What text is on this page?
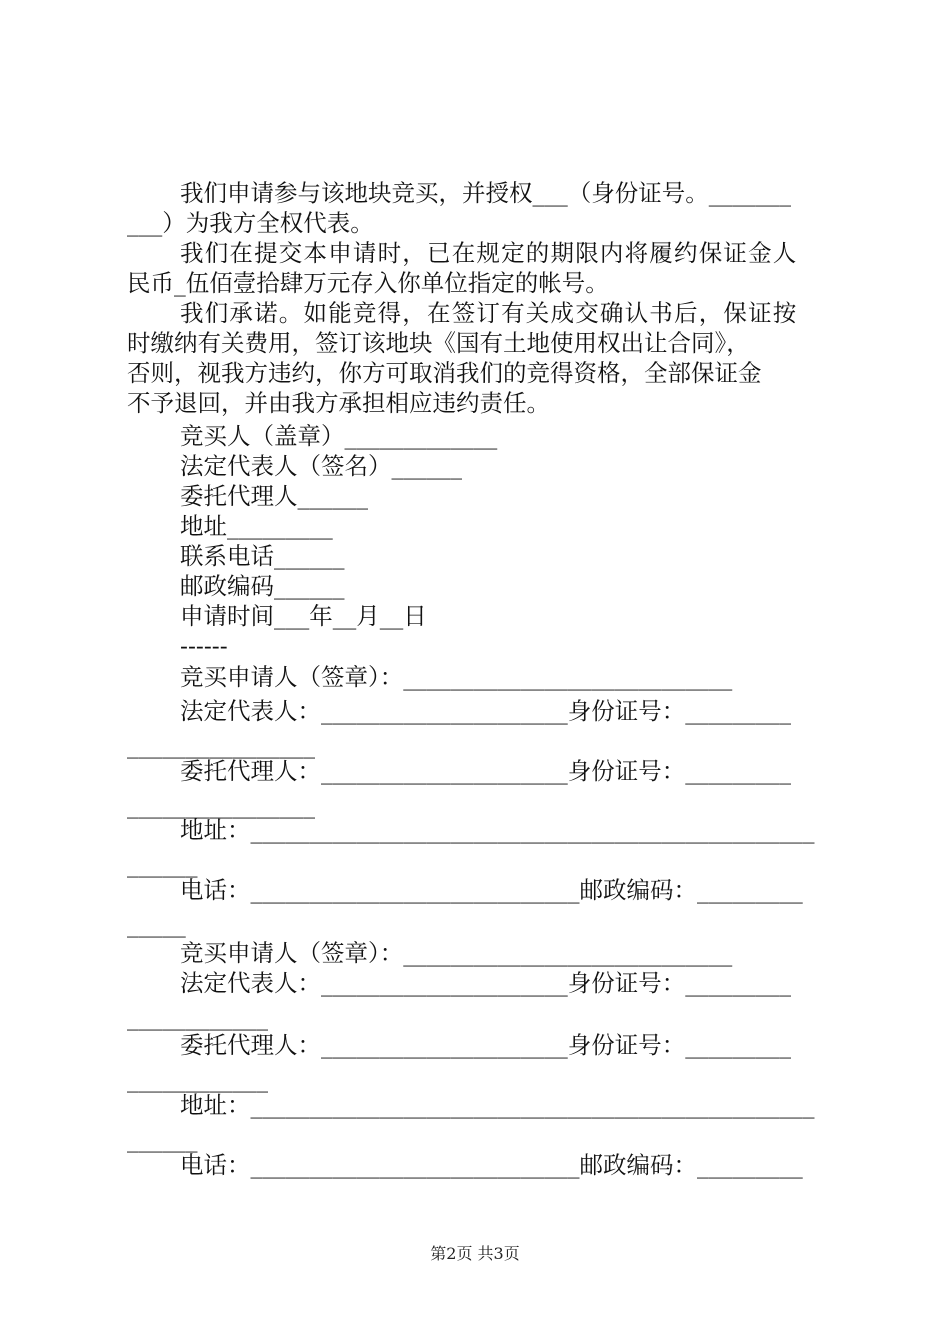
我们申请参与该地块竞买，并授权___（身份证号。_______
___）为我方全权代表。
我们在提交本申请时，已在规定的期限内将履约保证金人
民币_伍佰壹拾肆万元存入你单位指定的帐号。
我们承诺。如能竞得，在签订有关成交确认书后，保证按
时缴纳有关费用，签订该地块《国有土地使用权出让合同》，
否则，视我方违约，你方可取消我们的竞得资格，全部保证金
不予退回，并由我方承担相应违约责任。
竞买人（盖章）_____________
法定代表人（签名）______
委托代理人______
地址_________
联系电话______
邮政编码______
申请时间___年__月__日
------
竞买申请人（签章）：____________________________
法定代表人：_____________________身份证号：_________
________________
委托代理人：_____________________身份证号：_________
________________
地址：________________________________________________
______
电话：____________________________邮政编码：_________
_____
竞买申请人（签章）：____________________________
法定代表人：_____________________身份证号：_________
____________
委托代理人：_____________________身份证号：_________
____________
地址：________________________________________________
______
电话：____________________________邮政编码：_________
第2页 共3页
